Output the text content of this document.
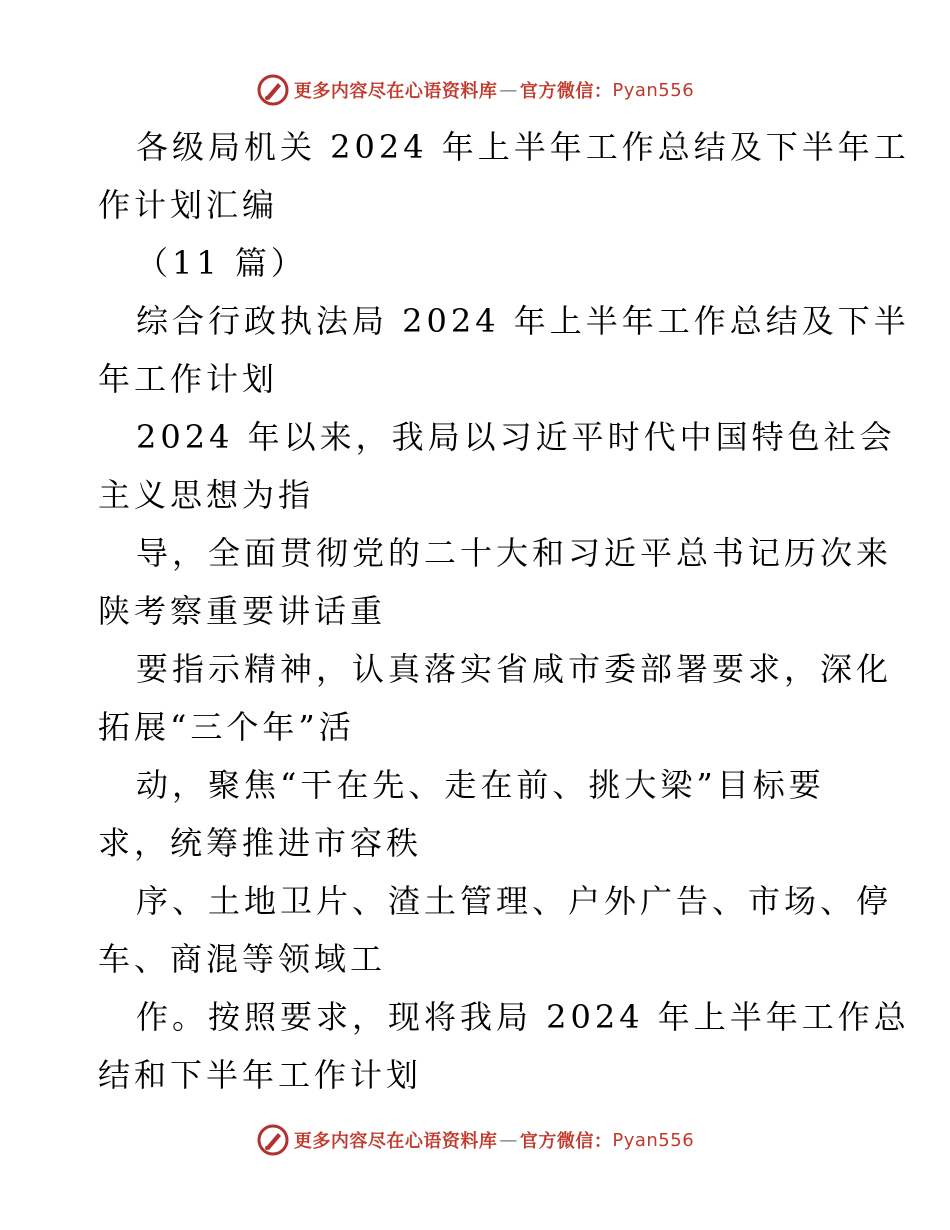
更多内容尽在心语资料库 — 官方微信： Pyan556
各级局机关 2024 年上半年工作总结及下半年工
作计划汇编
（11 篇）
综合行政执法局 2024 年上半年工作总结及下半
年工作计划
2024 年以来，我局以习近平时代中国特色社会
主义思想为指
导，全面贯彻党的二十大和习近平总书记历次来
陕考察重要讲话重
要指示精神，认真落实省咸市委部署要求，深化
拓展“三个年”活
动，聚焦“干在先、走在前、挑大梁”目标要
求，统筹推进市容秩
序、土地卫片、渣土管理、户外广告、市场、停
车、商混等领域工
作。按照要求，现将我局 2024 年上半年工作总
结和下半年工作计划
更多内容尽在心语资料库 — 官方微信： Pyan556
